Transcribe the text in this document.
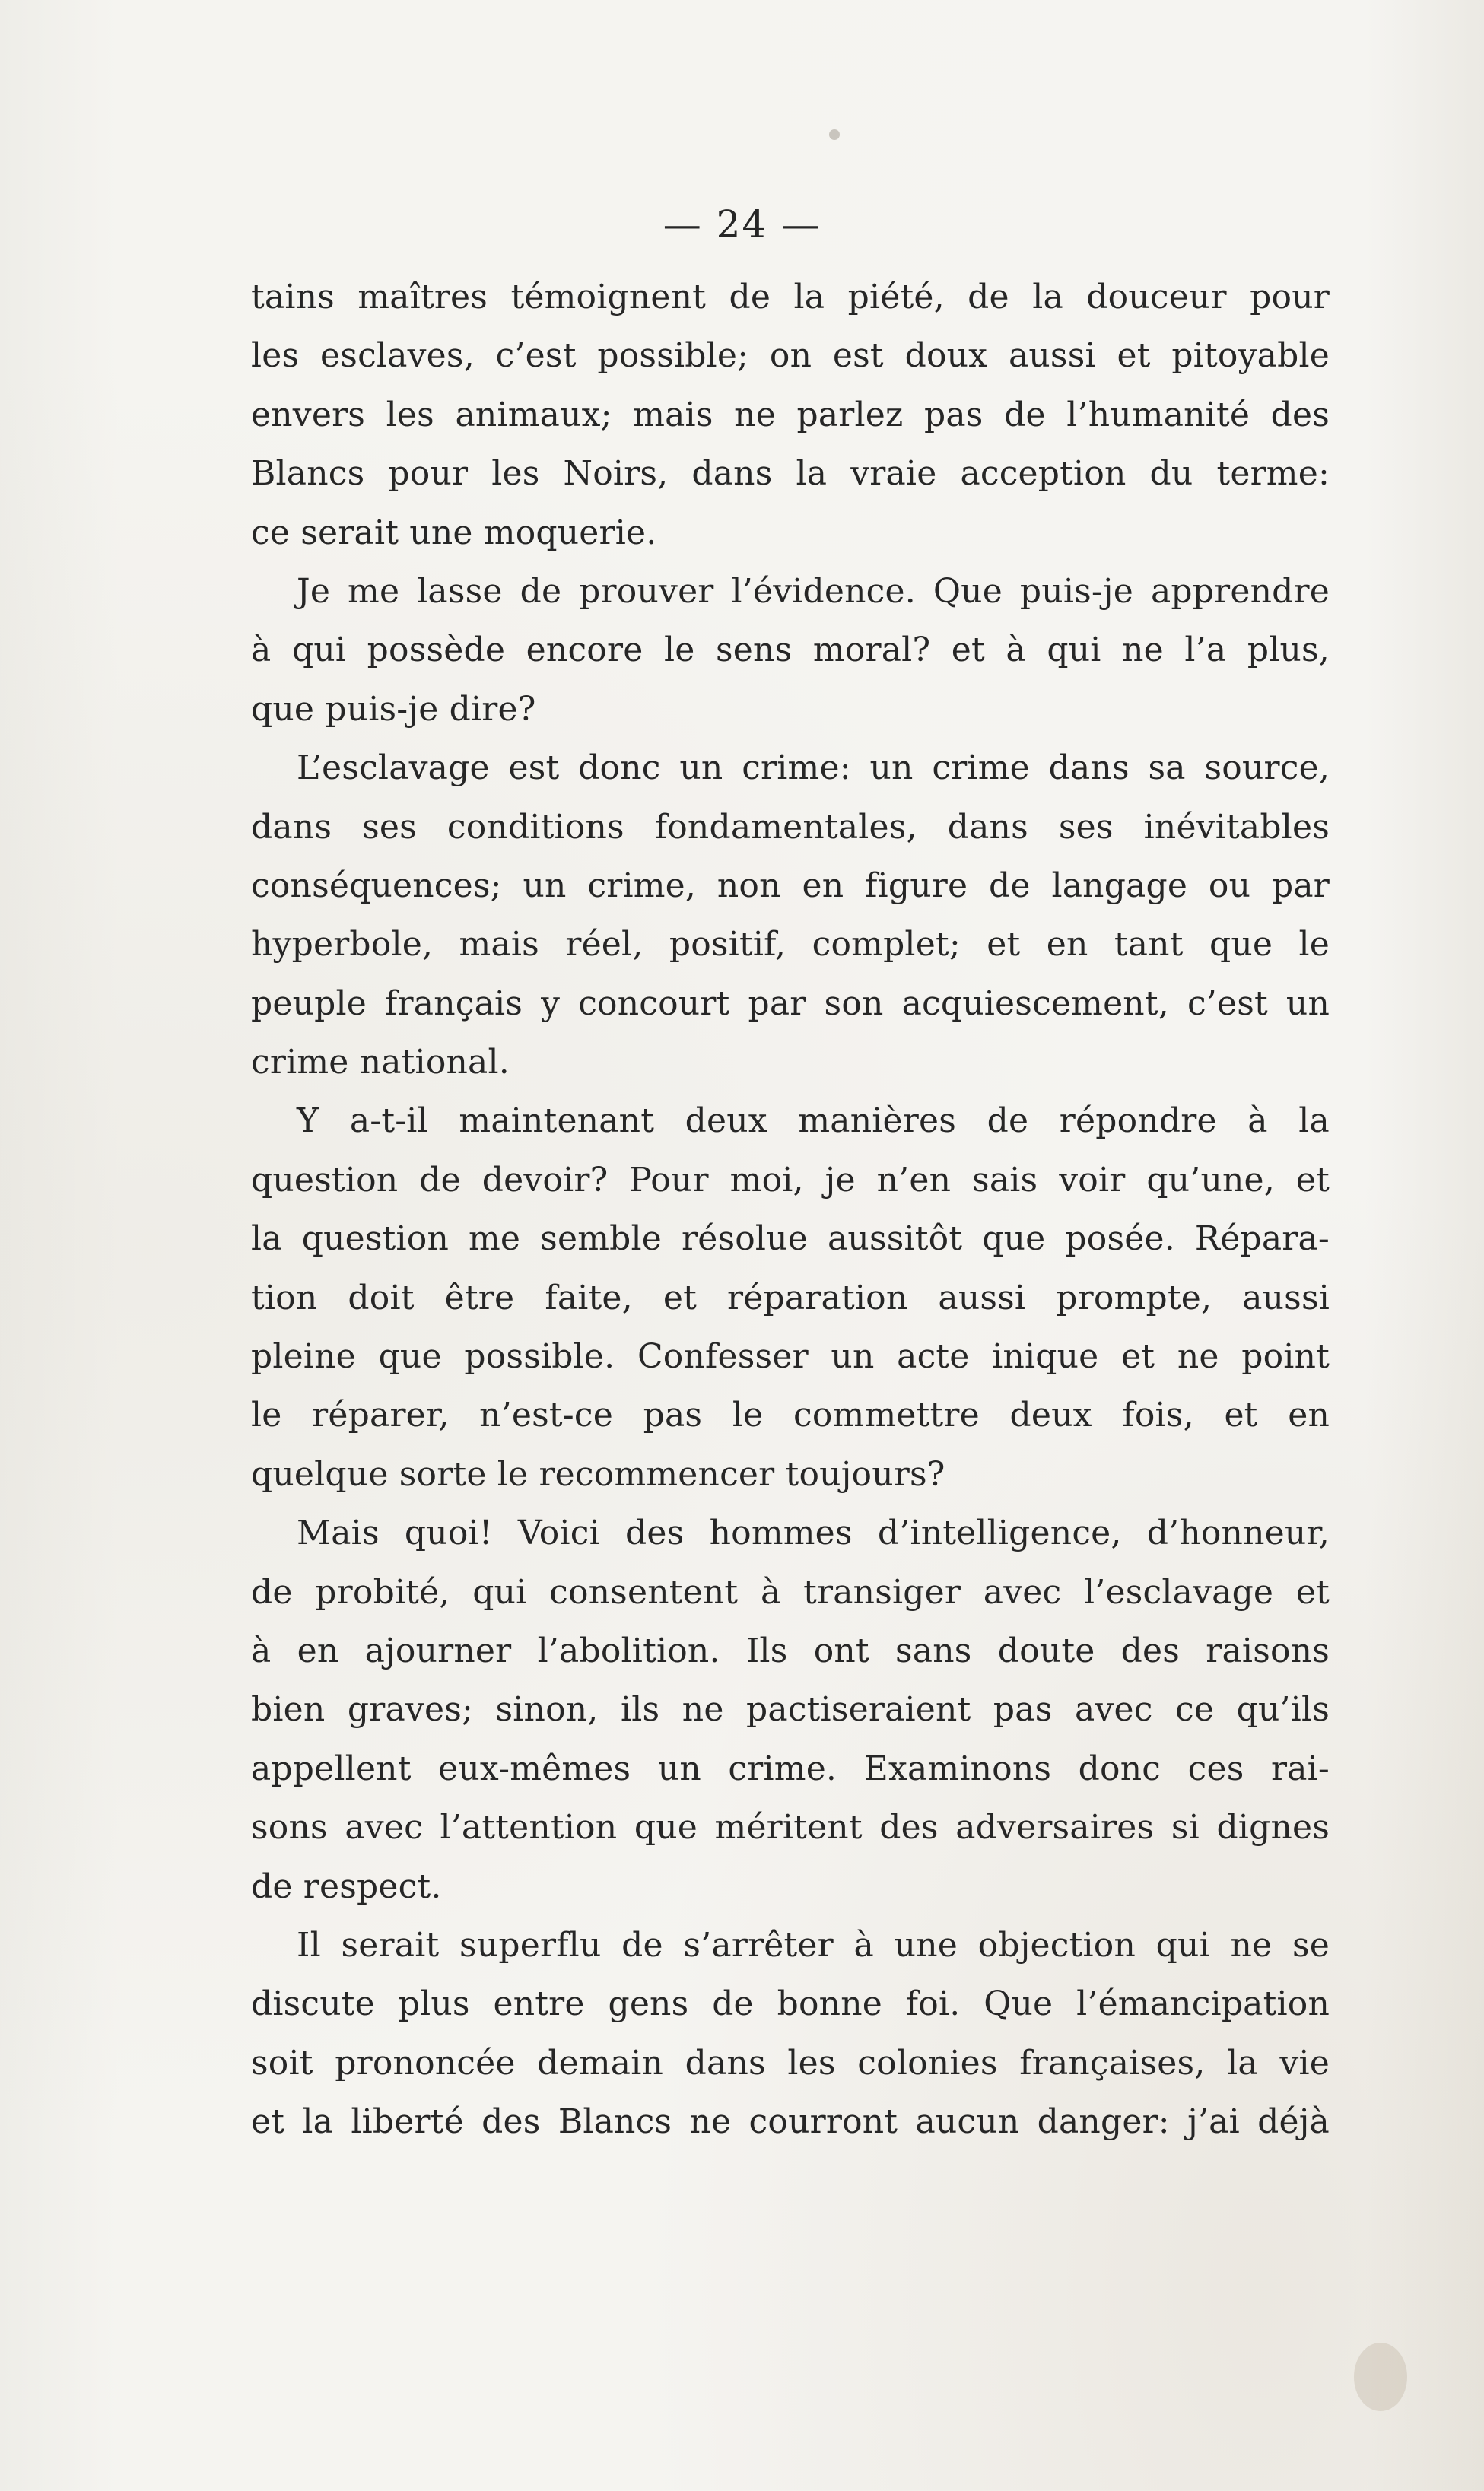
— 24 —
tains maîtres témoignent de la piété, de la douceur pour
les esclaves, c’est possible; on est doux aussi et pitoyable
envers les animaux; mais ne parlez pas de l’humanité des
Blancs pour les Noirs, dans la vraie acception du terme:
ce serait une moquerie.
Je me lasse de prouver l’évidence. Que puis-je apprendre
à qui possède encore le sens moral? et à qui ne l’a plus,
que puis-je dire?
L’esclavage est donc un crime: un crime dans sa source,
dans ses conditions fondamentales, dans ses inévitables
conséquences; un crime, non en figure de langage ou par
hyperbole, mais réel, positif, complet; et en tant que le
peuple français y concourt par son acquiescement, c’est un
crime national.
Y a-t-il maintenant deux manières de répondre à la
question de devoir? Pour moi, je n’en sais voir qu’une, et
la question me semble résolue aussitôt que posée. Répara-
tion doit être faite, et réparation aussi prompte, aussi
pleine que possible. Confesser un acte inique et ne point
le réparer, n’est-ce pas le commettre deux fois, et en
quelque sorte le recommencer toujours?
Mais quoi! Voici des hommes d’intelligence, d’honneur,
de probité, qui consentent à transiger avec l’esclavage et
à en ajourner l’abolition. Ils ont sans doute des raisons
bien graves; sinon, ils ne pactiseraient pas avec ce qu’ils
appellent eux-mêmes un crime. Examinons donc ces rai-
sons avec l’attention que méritent des adversaires si dignes
de respect.
Il serait superflu de s’arrêter à une objection qui ne se
discute plus entre gens de bonne foi. Que l’émancipation
soit prononcée demain dans les colonies françaises, la vie
et la liberté des Blancs ne courront aucun danger: j’ai déjà
